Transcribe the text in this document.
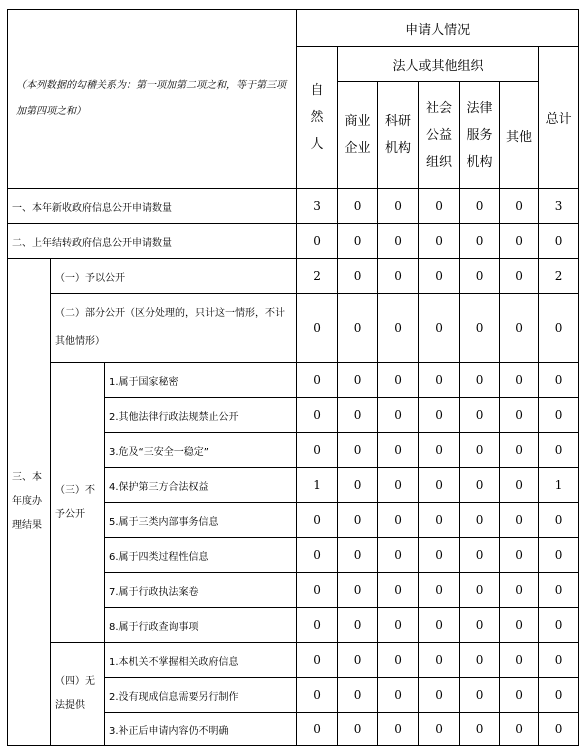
（本列数据的勾稽关系为：第一项加第二项之和，等于第三项加第四项之和）			申请人情况						

			自然人	法人或其他组织					总计

				商业企业	科研机构	社会公益组织	法律服务机构	其他	
一、本年新收政府信息公开申请数量			3	0	0	0	0	0	3
二、上年结转政府信息公开申请数量			0	0	0	0	0	0	0

三、本年度办理结果	（一）予以公开		2	0	0	0	0	0	2
	（二）部分公开（区分处理的，只计这一情形，不计其他情形）		0	0	0	0	0	0	0

	（三）不予公开	1.属于国家秘密	0	0	0	0	0	0	0
		2.其他法律行政法规禁止公开	0	0	0	0	0	0	0
		3.危及“三安全一稳定”	0	0	0	0	0	0	0
		4.保护第三方合法权益	1	0	0	0	0	0	1
		5.属于三类内部事务信息	0	0	0	0	0	0	0
		6.属于四类过程性信息	0	0	0	0	0	0	0
		7.属于行政执法案卷	0	0	0	0	0	0	0
		8.属于行政查询事项	0	0	0	0	0	0	0

	（四）无法提供	1.本机关不掌握相关政府信息	0	0	0	0	0	0	0
		2.没有现成信息需要另行制作	0	0	0	0	0	0	0
		3.补正后申请内容仍不明确	0	0	0	0	0	0	0
